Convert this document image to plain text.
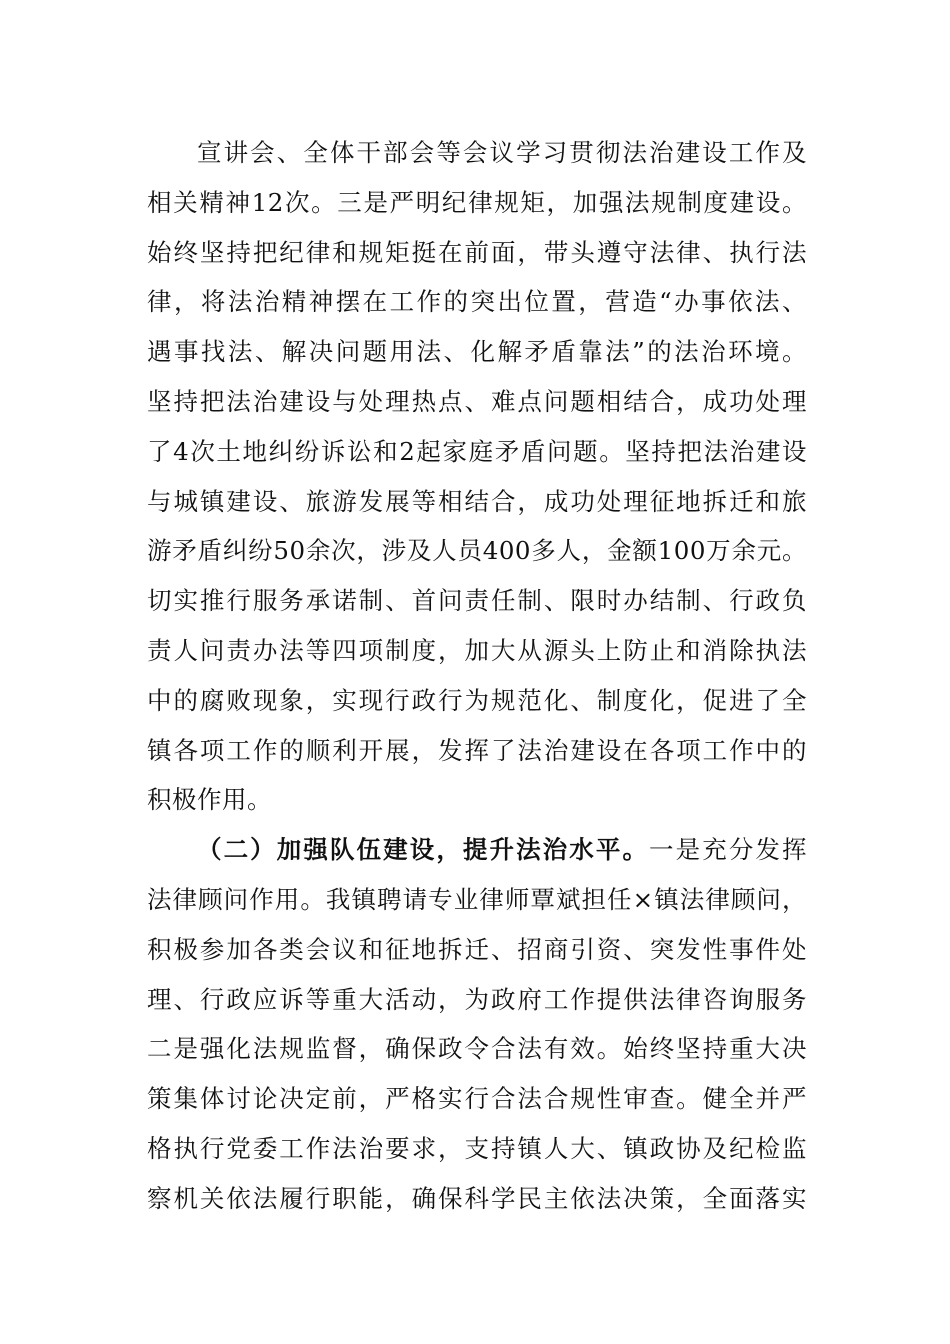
宣讲会、全体干部会等会议学习贯彻法治建设工作及
相关精神12次。三是严明纪律规矩，加强法规制度建设。
始终坚持把纪律和规矩挺在前面，带头遵守法律、执行法
律，将法治精神摆在工作的突出位置，营造“办事依法、
遇事找法、解决问题用法、化解矛盾靠法”的法治环境。
坚持把法治建设与处理热点、难点问题相结合，成功处理
了4次土地纠纷诉讼和2起家庭矛盾问题。坚持把法治建设
与城镇建设、旅游发展等相结合，成功处理征地拆迁和旅
游矛盾纠纷50余次，涉及人员400多人，金额100万余元。
切实推行服务承诺制、首问责任制、限时办结制、行政负
责人问责办法等四项制度，加大从源头上防止和消除执法
中的腐败现象，实现行政行为规范化、制度化，促进了全
镇各项工作的顺利开展，发挥了法治建设在各项工作中的
积极作用。
（二）加强队伍建设，提升法治水平。一是充分发挥
法律顾问作用。我镇聘请专业律师覃斌担任×镇法律顾问，
积极参加各类会议和征地拆迁、招商引资、突发性事件处
理、行政应诉等重大活动，为政府工作提供法律咨询服务
二是强化法规监督，确保政令合法有效。始终坚持重大决
策集体讨论决定前，严格实行合法合规性审查。健全并严
格执行党委工作法治要求，支持镇人大、镇政协及纪检监
察机关依法履行职能，确保科学民主依法决策，全面落实
